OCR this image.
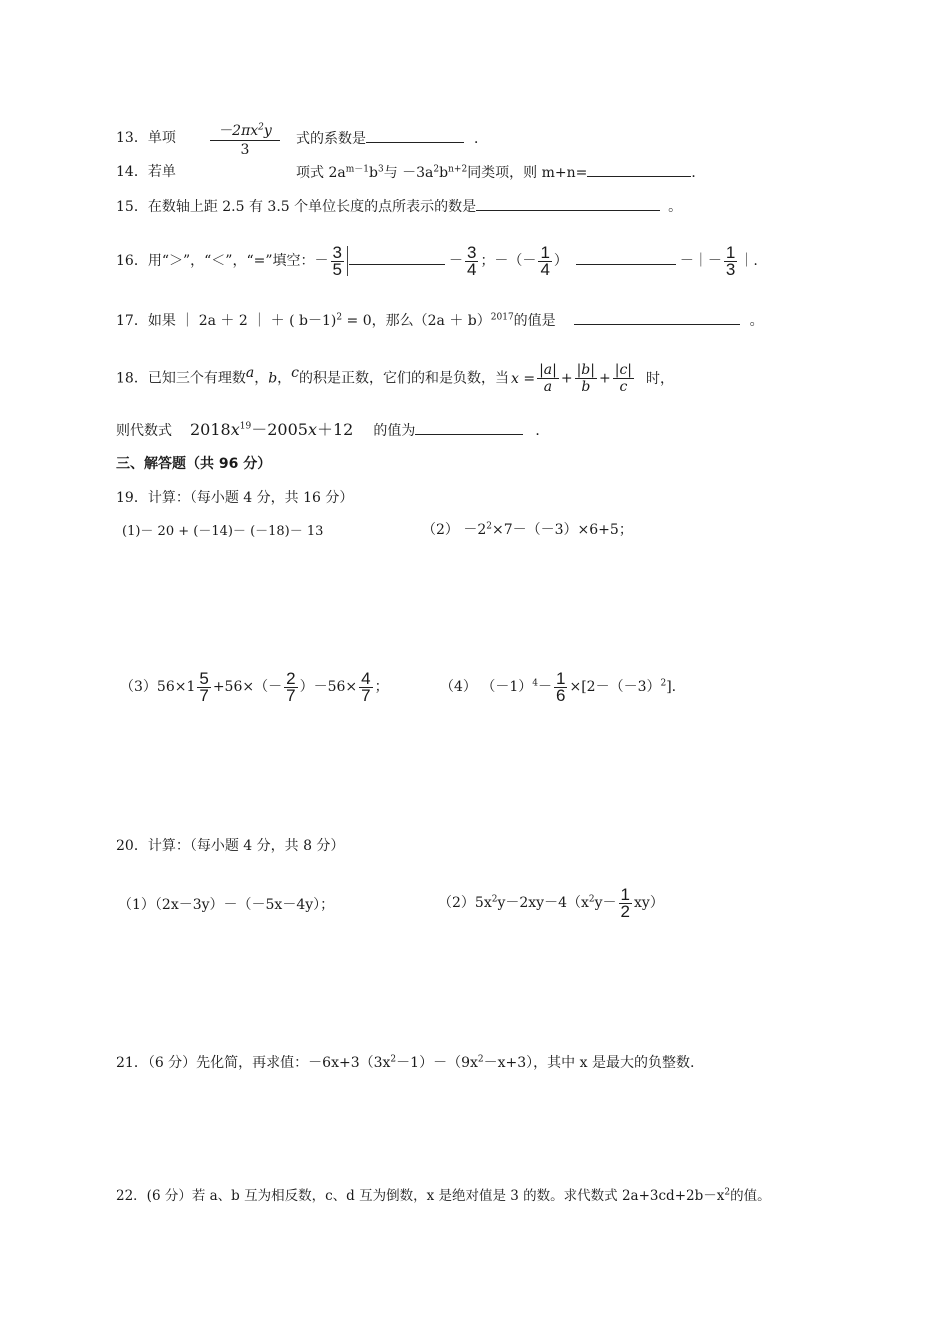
13．单项	$-2\pi x^2y$
3
式的系数是	．
14．若单	项式 $2a^{m-1}b^3$与 $-3a^2b^{n+2}$同类项，则 m+n=	．
15．在数轴上距 2.5 有 3.5 个单位长度的点所表示的数是	。
16．用“＞”，“＜”，“=”填空：－ $\frac{3}{5}$	－ $\frac{3}{4}$ ；－（－ $\frac{1}{4}$ ）	－｜－ $\frac{1}{3}$ ｜.
17．如果 ｜ 2a ＋ 2 ｜ ＋ ( b－1)$^2$ = 0，那么$(2a + b)^{2017}$的值是	。
18．已知三个有理数a，b，c的积是正数，它们的和是负数，当 $x = \frac{|a|}{a} + \frac{|b|}{b} + \frac{|c|}{c}$ 时，
则代数式 $2018x^{19}-2005x+12$ 的值为	．
三、解答题（共 96 分）
19．计算：（每小题 4 分，共 16 分）
(1)－ 20 + (－14)－ (－18)－ 13	$(2) -2^2\times 7-(-3)\times 6+5$；
$(3)56\times 1 \frac{5}{7} +56\times(- \frac{2}{7} )-56\times \frac{4}{7}$ ；	（4） $(-1)^4- \frac{1}{6} \times[2-(-3)^2]$.
20．计算：（每小题 4 分，共 8 分）
（1）（2x－3y）－（－5x－4y）；	$(2)5x^2y-2xy-4(x^2y- \frac{1}{2} xy)$
21．（6 分）先化简，再求值：$-6x+3(3x^2-1)-(9x^2-x+3)$，其中 x 是最大的负整数.
22．(6 分）若 a、b 互为相反数，c、d 互为倒数，x 是绝对值是 3 的数。求代数式 $2a+3cd+2b-x^2$的值。
